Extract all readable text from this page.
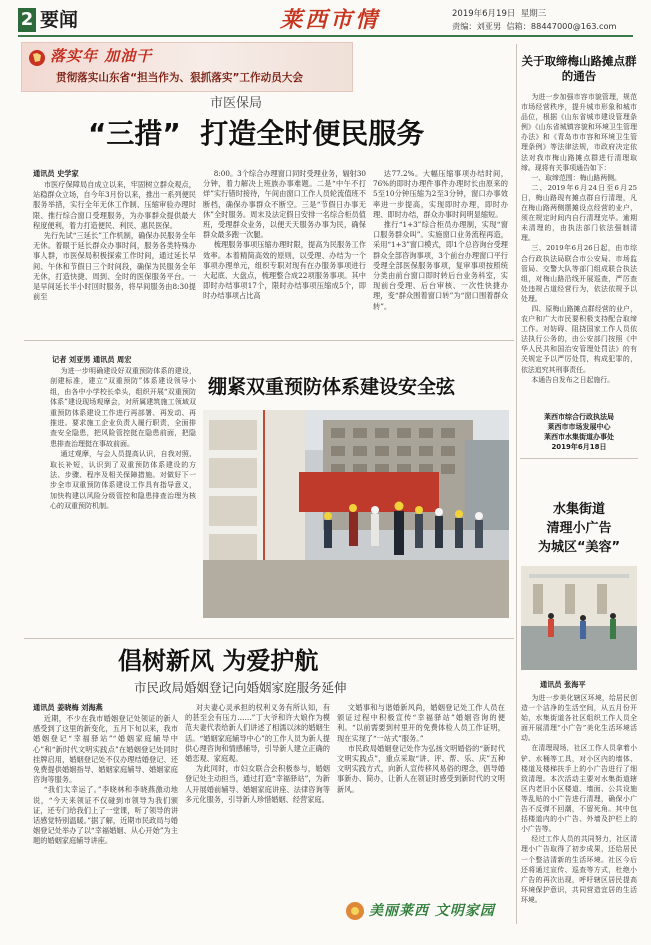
2 要闻	莱西市情	2019年6月19日 星期三
责编：刘亚男 信箱：88447000@163.com
落实年 加油干
贯彻落实山东省“担当作为、狠抓落实”工作动员大会
市医保局
“三措”  打造全时便民服务
通讯员 史学家

市医疗保障局自成立以来，牢固树立群众观点，站稳群众立场，自今年3月份以来，推出一系列便民服务举措，实行全年无休工作制、压缩审验办理时限、推行综合窗口受理服务，为办事群众提供最大程度便利，着力打造便民、利民、惠民医保。

先行先试“三延长”工作机制，确保办民服务全年无休。着眼于延长群众办事时间，服务各类特殊办事人群，市医保局积极探索工作时间，通过延长早间、午休和节假日三个时间段，确保为民服务全年无休，打造快捷、周到、全时的医保服务平台。一是早间延长半小时回时服务，将早间服务由8:30提前至

8:00。3个综合办理窗口同时受理业务，辐射30分钟，着力解决上班族办事难题。二是“中午不打烊”实行错时接待，午间由窗口工作人员轮流值班不断档，确保办事群众不断空。三是“节假日办事无休”全时服务。周末及法定假日安排一名综合柜员值班，受理群众业务，以便天天服务办事为民，确保群众最多跑一次腿。

梳理服务事项压缩办理时限，提高为民服务工作效率。本着精简高效的原则，以受理、办结为一个事项办理单元，组织专职对现有在办服务事项进行大起底、大盘点，梳理整合成22项服务事项。其中即时办结事项17个，限时办结事项压缩成5个，即时办结事项占比高

达77.2%。大幅压缩事项办结时间，76%的即时办理件事件办理时长由原来的5至10分钟压缩为2至3分钟，窗口办事效率进一步提高，实现即时办理，即时办理、即时办结，群众办事时间明显缩短。

推行“1+3”综合柜员办理制，实现“窗口服务群众叫”。实施窗口业务流程再造，采用“1+3”窗口模式，即1个总咨询台受理群众全部咨询事项，3个前台办理窗口平行受理全部医保服务事项，复审事项按照统分类由前台窗口即时转后台业务科室，实现前台受理、后台审核、一次性快捷办理，变“群众围着窗口转”为“窗口围着群众转”。

关于取缔梅山路摊点群的通告

为进一步加强市容市貌管理，规范市场经营秩序，提升城市形象和城市品位，根据《山东省城市建设管理条例》《山东省城镇容貌和环境卫生管理办法》和《青岛市市容和环境卫生管理条例》等法律法规，市政府决定依法对我市梅山路摊点群进行清理取缔。现将有关事项通告如下：

一、取缔范围：梅山路两侧。

二、2019年6月24日至6月25日，梅山路现有摊点群自行清理，凡在梅山路两侧摆摊设点经营的业户，须在规定时间内自行清理完毕。逾期未清理的，由执法部门依法强制清理。

三、2019年6月26日起，由市综合行政执法局联合市公安局、市场监管局、交警大队等部门组成联合执法组，对梅山路沿线开展巡查，严厉查处违规占道经营行为，依法依规予以处理。

四、原梅山路摊点群经营的业户，农户和广大市民要积极支持配合取缔工作。对妨碍、阻挠国家工作人员依法执行公务的，由公安部门按照《中华人民共和国治安管理处罚法》的有关规定予以严厉处罚，构成犯罪的，依法追究其刑事责任。

本通告自发布之日起施行。

莱西市综合行政执法局
莱西市市场发展中心
莱西市水集街道办事处
2019年6月18日
记者 刘亚男 通讯员 周宏

为进一步明确建设好双重预防体系的建设，剖建标准，建立“双重预防”体系建设领导小组，由各中小学校长牵头，组织开展“双重预防体系”建设现场观摩会，对所属建筑施工领域双重预防体系建设工作进行再部署、再发动、再推进。要求施工企业负责人履行职责，全面排查安全隐患，把风险管控挺在隐患前面，把隐患排查治理挺在事故前面。

通过观摩，与会人员提高认识，自我对照、取长补短，认识到了双重预防体系建设的方法、步骤、程序及相关保障措施。对做好下一步全市双重预防体系建设工作具有指导意义，加快构建以风险分级管控和隐患排查治理为核心的双重预防机制。

绷紧双重预防体系建设安全弦
水集街道
清理小广告
为城区“美容”
通讯员 张海平

为进一步美化辖区环境，给居民创造一个洁净的生活空间，从五月份开始，水集街道各社区组织工作人员全面开展清理“小广告”美化生活环境活动。

在清理现场，社区工作人员拿着小铲、水桶等工具，对小区内的墙体、楼道及楼梯扶手上的小广告进行了细致清理。本次活动主要对水集街道辖区内老旧小区楼道、墙面、公共设施等乱贴的小广告进行清理，确保小广告不反弹不回潮，不留死角。其中包括楼道内的小广告、外墙及护栏上的小广告等。

经过工作人员的共同努力，社区清理小广告取得了初步成果，还给居民一个整洁清新的生活环境。社区今后还将通过宣传、巡查等方式，杜绝小广告的再次出现，呼吁辖区居民提高环境保护意识，共同营造宜居的生活环境。

倡树新风 为爱护航
市民政局婚姻登记向婚姻家庭服务延伸
通讯员 姜晓梅 刘海燕

近期，不少在我市婚姻登记处领证的新人感受到了这里的新变化，五月下旬以来，我市婚姻登记“幸福驿站”“婚姻家庭辅导中心”和“新时代文明实践点”在婚姻登记处同时挂牌启用，婚姻登记处不仅办理结婚登记、还免费提供婚姻指导、婚姻家庭辅导、婚姻家庭咨询等服务。

“我们太幸运了。”李晓林和李晓燕激动地说，“今天来领证不仅碰到市领导为我们颁证，还专门给我们上了一堂课，听了领导的讲话感觉特别温暖。”据了解，近期市民政局与婚姻登记处举办了以“幸福婚姻、从心开始”为主题的婚姻家庭辅导讲座。

对夫妻心灵承担的权利义务有所认知，有的甚至会有压力……”丁大爷和许大娘作为模范夫妻代表给新人们讲述了相濡以沫的婚姻生活。“婚姻家庭辅导中心”的工作人员为新人提供心理咨询和情感辅导，引导新人建立正确的婚恋观、家庭观。

为此同时，市妇女联合会积极参与，婚姻登记处主动担当，通过打造“幸福驿站”，为新人开展婚前辅导、婚姻家庭讲座、法律咨询等多元化服务，引导新人珍惜婚姻、经营家庭。

文婚事和与谐婚新风尚，婚姻登记处工作人员在颁证过程中积极宣传“幸福驿站”婚姻咨询的便利。“以前需要到村里开的免费体检人员工作证明，现在实现了“一站式”服务。”

市民政局婚姻登记处作为弘扬文明婚俗的“新时代文明实践点”，重点采取“讲、评、帮、乐、庆”五种文明实践方式，向新人宣传移风易俗的理念，倡导婚事新办、简办，让新人在领证时感受到新时代的文明新风。

美丽莱西 文明家园
